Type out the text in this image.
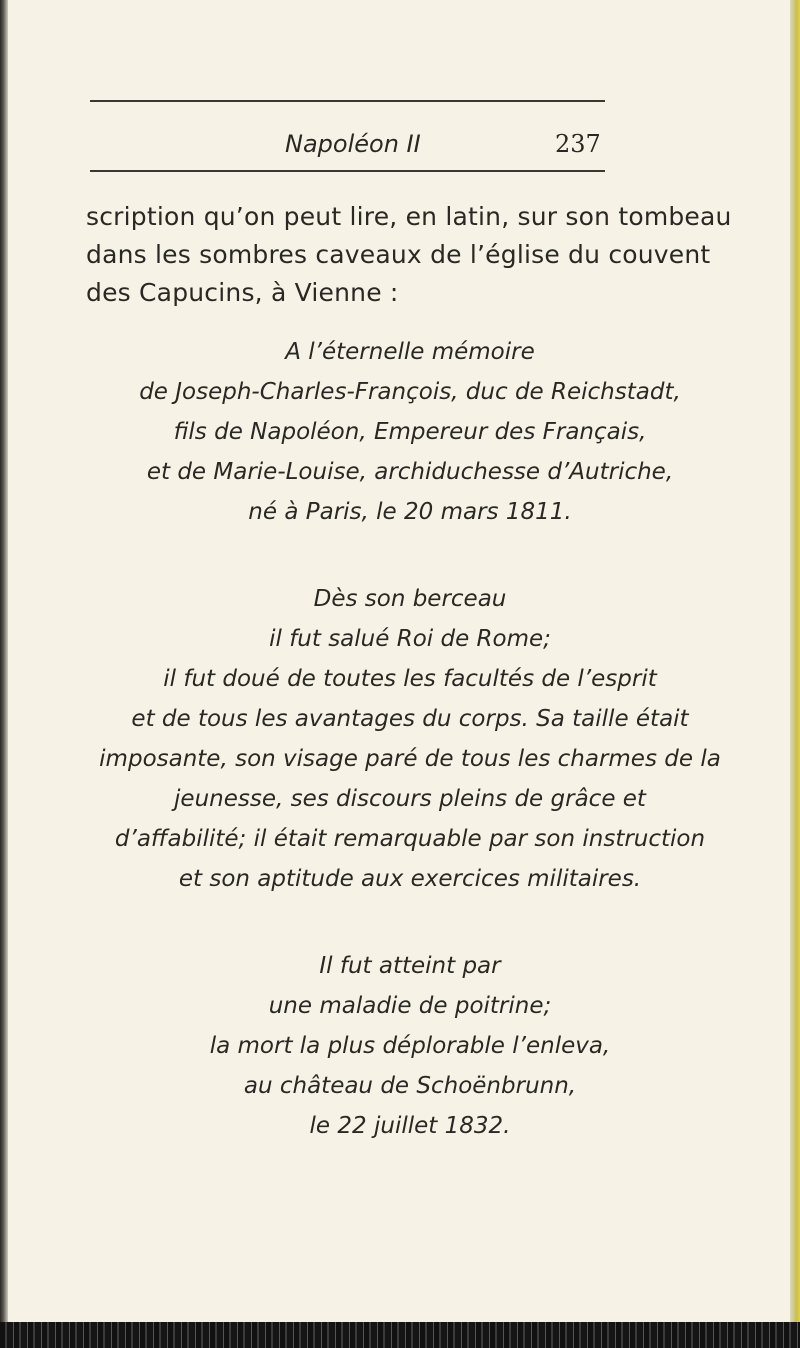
Napoléon II	237

scription qu’on peut lire, en latin, sur son tombeau

dans les sombres caveaux de l’église du couvent

des Capucins, à Vienne :

A l’éternelle mémoire

de Joseph-Charles-François, duc de Reichstadt,

fils de Napoléon, Empereur des Français,

et de Marie-Louise, archiduchesse d’Autriche,

né à Paris, le 20 mars 1811.

Dès son berceau

il fut salué Roi de Rome;

il fut doué de toutes les facultés de l’esprit

et de tous les avantages du corps. Sa taille était

imposante, son visage paré de tous les charmes de la

jeunesse, ses discours pleins de grâce et

d’affabilité; il était remarquable par son instruction

et son aptitude aux exercices militaires.

Il fut atteint par

une maladie de poitrine;

la mort la plus déplorable l’enleva,

au château de Schoënbrunn,

le 22 juillet 1832.
